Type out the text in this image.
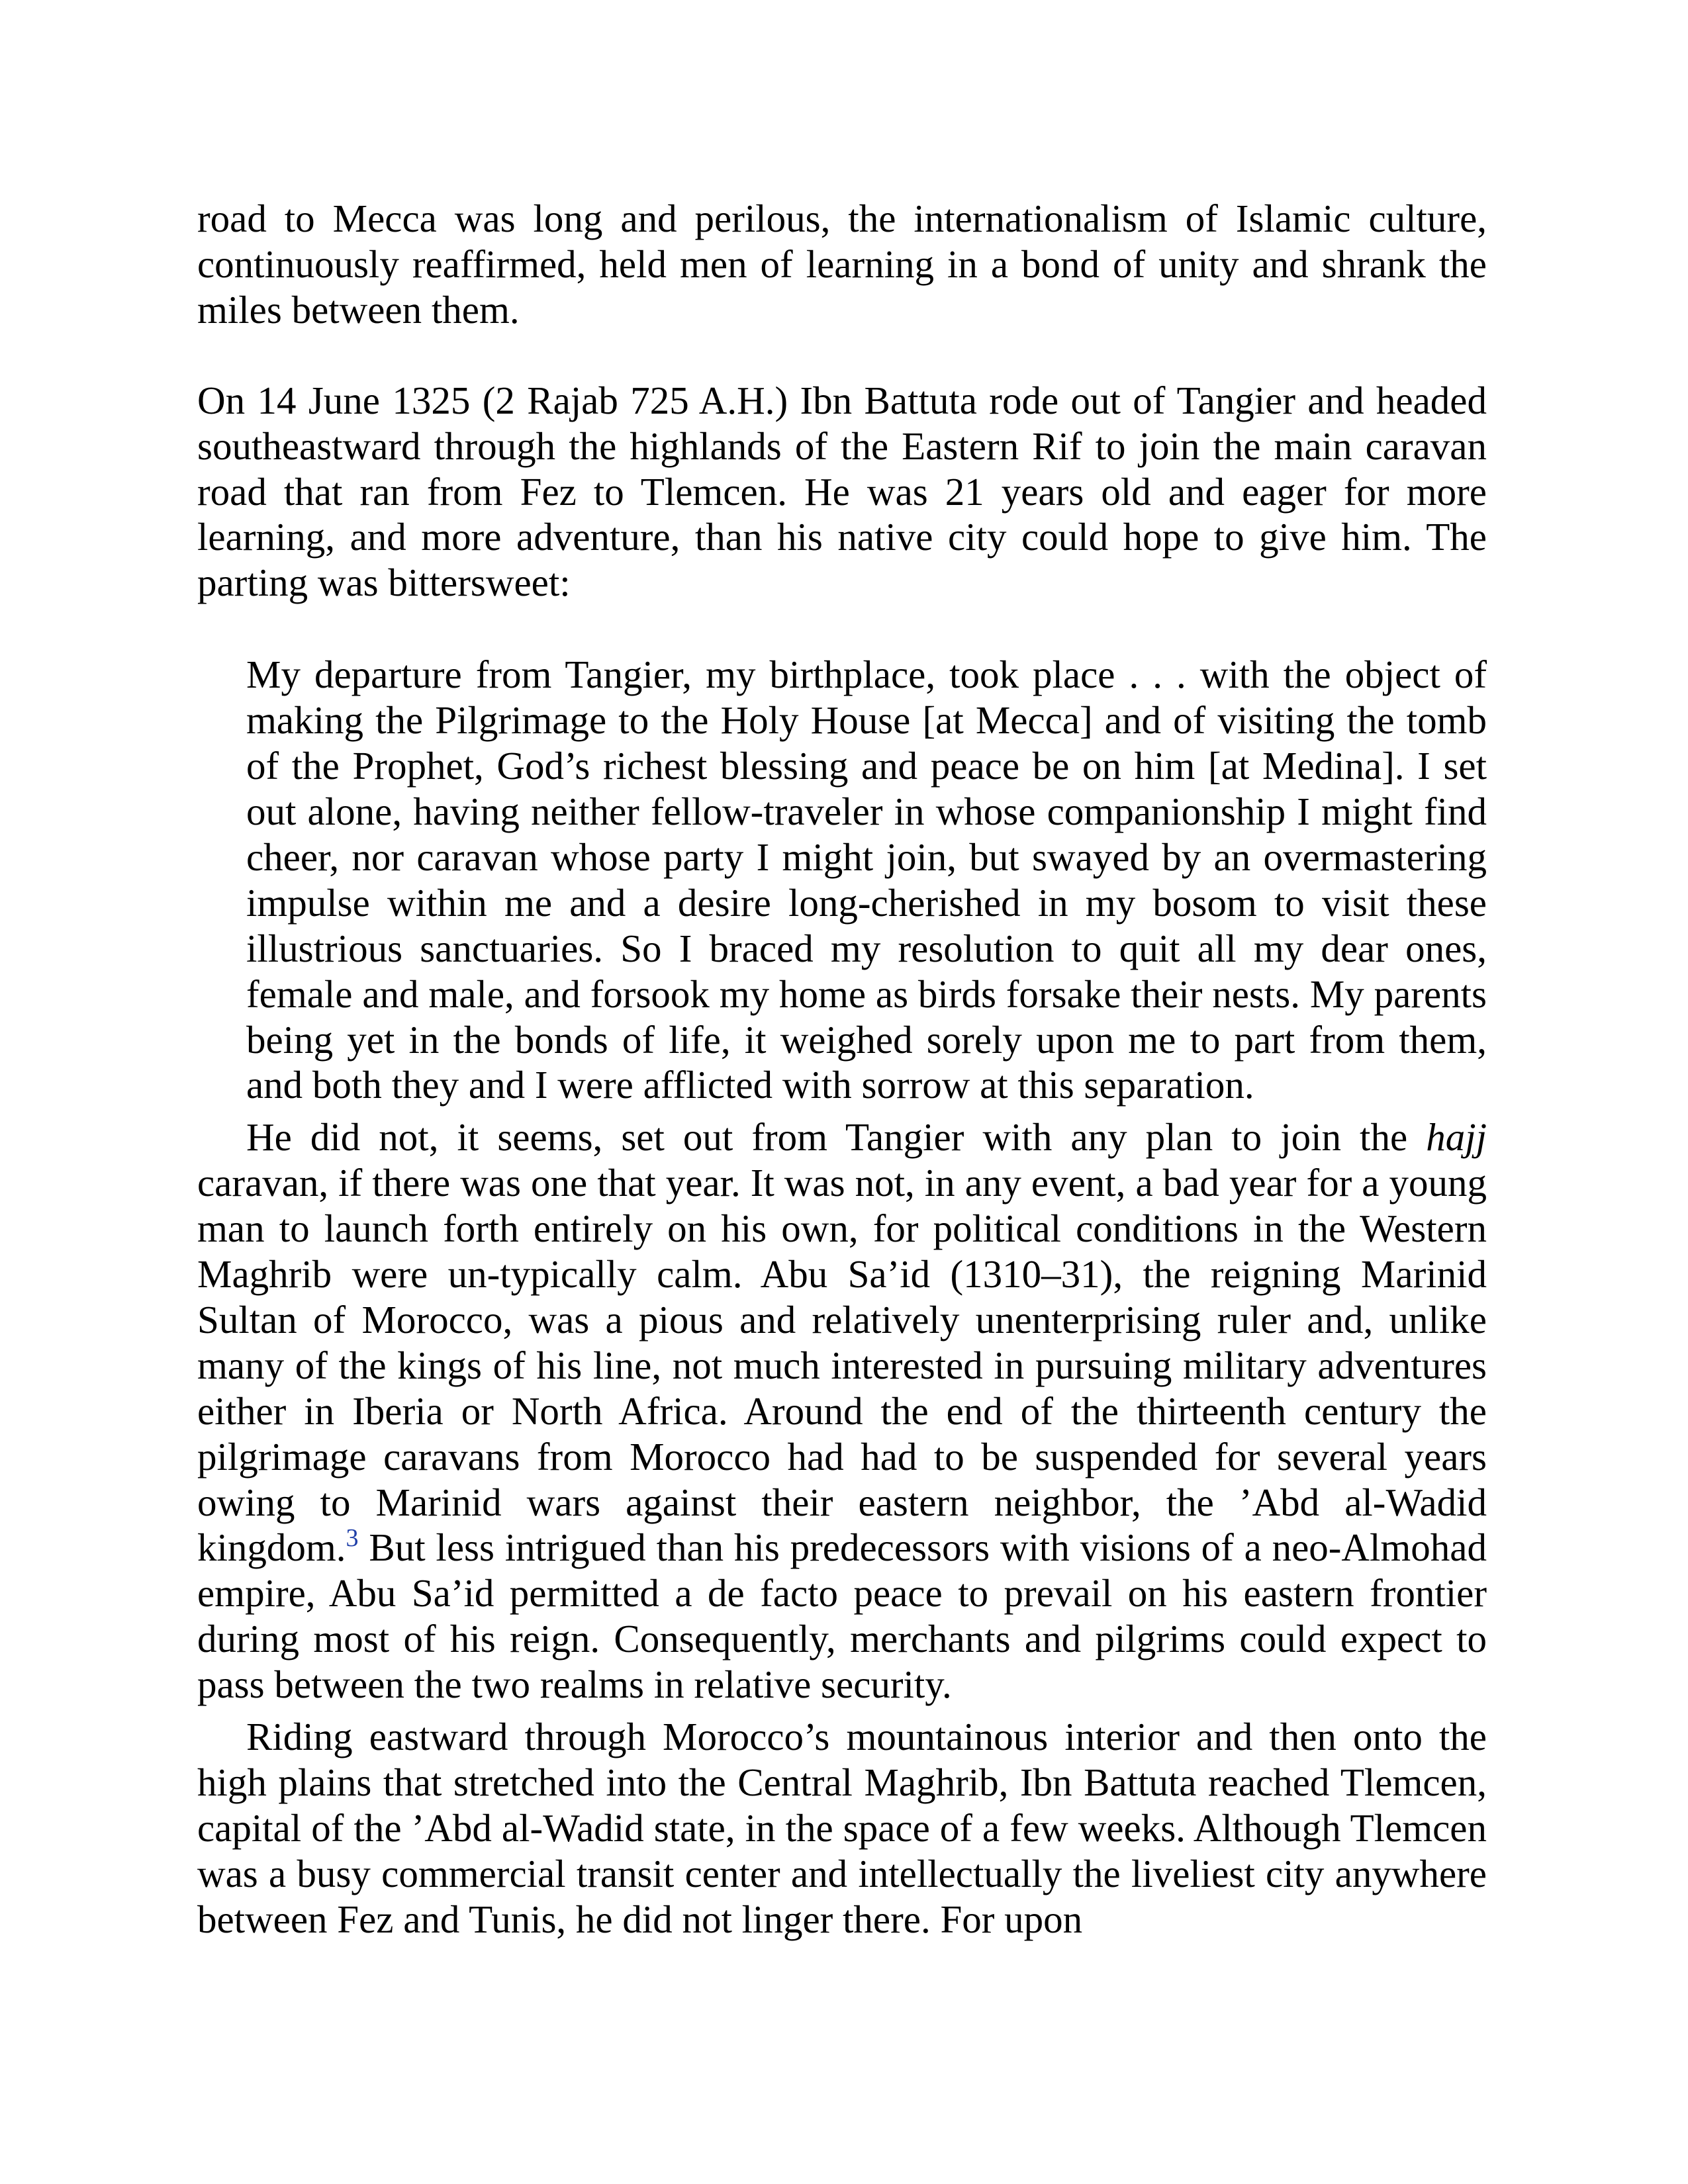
road to Mecca was long and perilous, the internationalism of Islamic culture, continuously reaffirmed, held men of learning in a bond of unity and shrank the miles between them.

On 14 June 1325 (2 Rajab 725 A.H.) Ibn Battuta rode out of Tangier and headed southeastward through the highlands of the Eastern Rif to join the main caravan road that ran from Fez to Tlemcen. He was 21 years old and eager for more learning, and more adventure, than his native city could hope to give him. The parting was bittersweet:

My departure from Tangier, my birthplace, took place . . . with the object of making the Pilgrimage to the Holy House [at Mecca] and of visiting the tomb of the Prophet, God’s richest blessing and peace be on him [at Medina]. I set out alone, having neither fellow-traveler in whose companionship I might find cheer, nor caravan whose party I might join, but swayed by an overmastering impulse within me and a desire long-cherished in my bosom to visit these illustrious sanctuaries. So I braced my resolution to quit all my dear ones, female and male, and forsook my home as birds forsake their nests. My parents being yet in the bonds of life, it weighed sorely upon me to part from them, and both they and I were afflicted with sorrow at this separation.

He did not, it seems, set out from Tangier with any plan to join the hajj caravan, if there was one that year. It was not, in any event, a bad year for a young man to launch forth entirely on his own, for political conditions in the Western Maghrib were un-typically calm. Abu Sa’id (1310–31), the reigning Marinid Sultan of Morocco, was a pious and relatively unenterprising ruler and, unlike many of the kings of his line, not much interested in pursuing military adventures either in Iberia or North Africa. Around the end of the thirteenth century the pilgrimage caravans from Morocco had had to be suspended for several years owing to Marinid wars against their eastern neighbor, the ’Abd al-Wadid kingdom.$^3$ But less intrigued than his predecessors with visions of a neo-Almohad empire, Abu Sa’id permitted a de facto peace to prevail on his eastern frontier during most of his reign. Consequently, merchants and pilgrims could expect to pass between the two realms in relative security.

Riding eastward through Morocco’s mountainous interior and then onto the high plains that stretched into the Central Maghrib, Ibn Battuta reached Tlemcen, capital of the ’Abd al-Wadid state, in the space of a few weeks. Although Tlemcen was a busy commercial transit center and intellectually the liveliest city anywhere between Fez and Tunis, he did not linger there. For upon
